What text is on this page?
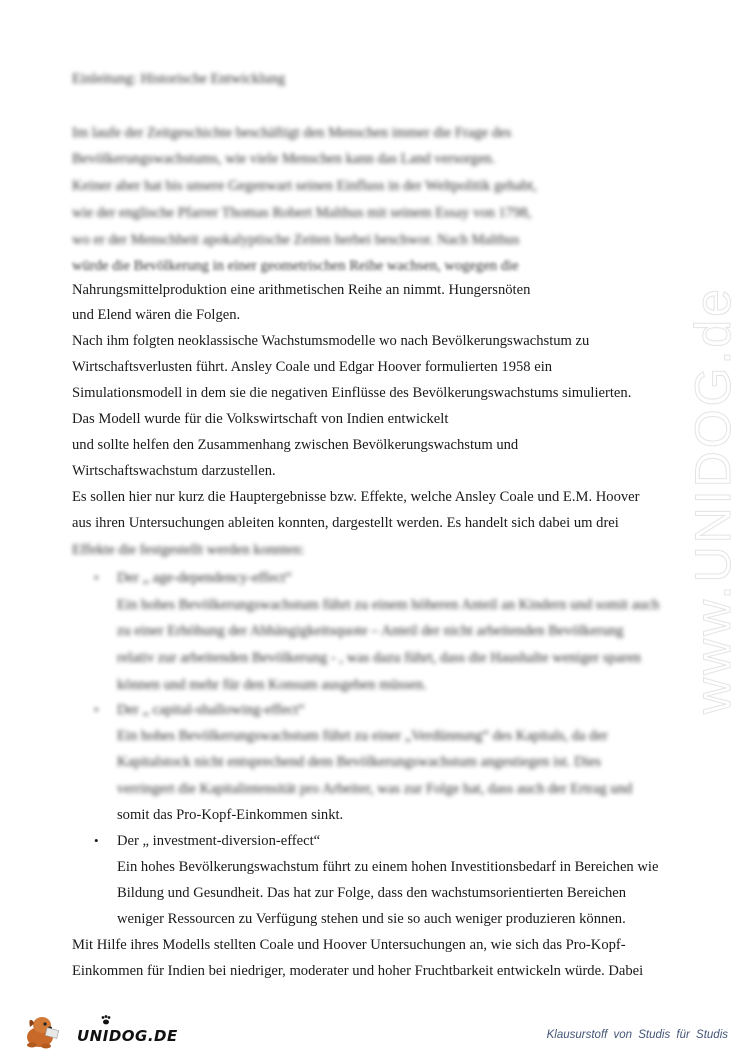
www.UNIDOG.de
Einleitung: Historische Entwicklung
Im laufe der Zeitgeschichte beschäftigt den Menschen immer die Frage des
Bevölkerungswachstums, wie viele Menschen kann das Land versorgen.
Keiner aber hat bis unsere Gegenwart seinen Einfluss in der Weltpolitik gehabt,
wie der englische Pfarrer Thomas Robert Malthus mit seinem Essay von 1798,
wo er der Menschheit apokalyptische Zeiten herbei beschwor. Nach Malthus
würde die Bevölkerung in einer geometrischen Reihe wachsen, wogegen die
Nahrungsmittelproduktion eine arithmetischen Reihe an nimmt. Hungersnöten
und Elend wären die Folgen.
Nach ihm folgten neoklassische Wachstumsmodelle wo nach Bevölkerungswachstum zu
Wirtschaftsverlusten führt. Ansley Coale und Edgar Hoover formulierten 1958 ein
Simulationsmodell in dem sie die negativen Einflüsse des Bevölkerungswachstums simulierten.
Das Modell wurde für die Volkswirtschaft von Indien entwickelt
und sollte helfen den Zusammenhang zwischen Bevölkerungswachstum und
Wirtschaftswachstum darzustellen.
Es sollen hier nur kurz die Hauptergebnisse bzw. Effekte, welche Ansley Coale und E.M. Hoover
aus ihren Untersuchungen ableiten konnten, dargestellt werden. Es handelt sich dabei um drei
Effekte die festgestellt werden konnten:
• Der „ age-dependency-effect“
Ein hohes Bevölkerungswachstum führt zu einem höheren Anteil an Kindern und somit auch
zu einer Erhöhung der Abhängigkeitsquote – Anteil der nicht arbeitenden Bevölkerung
relativ zur arbeitenden Bevölkerung - , was dazu führt, dass die Haushalte weniger sparen
können und mehr für den Konsum ausgeben müssen.
• Der „ capital-shallowing-effect“
Ein hohes Bevölkerungswachstum führt zu einer „Verdünnung“ des Kapitals, da der
Kapitalstock nicht entsprechend dem Bevölkerungswachstum angestiegen ist. Dies
verringert die Kapitalintensität pro Arbeiter, was zur Folge hat, dass auch der Ertrag und
somit das Pro-Kopf-Einkommen sinkt.
• Der „ investment-diversion-effect“
Ein hohes Bevölkerungswachstum führt zu einem hohen Investitionsbedarf in Bereichen wie
Bildung und Gesundheit. Das hat zur Folge, dass den wachstumsorientierten Bereichen
weniger Ressourcen zu Verfügung stehen und sie so auch weniger produzieren können.
Mit Hilfe ihres Modells stellten Coale und Hoover Untersuchungen an, wie sich das Pro-Kopf-
Einkommen für Indien bei niedriger, moderater und hoher Fruchtbarkeit entwickeln würde. Dabei
UNIDOG.DE	Klausurstoff von Studis für Studis
